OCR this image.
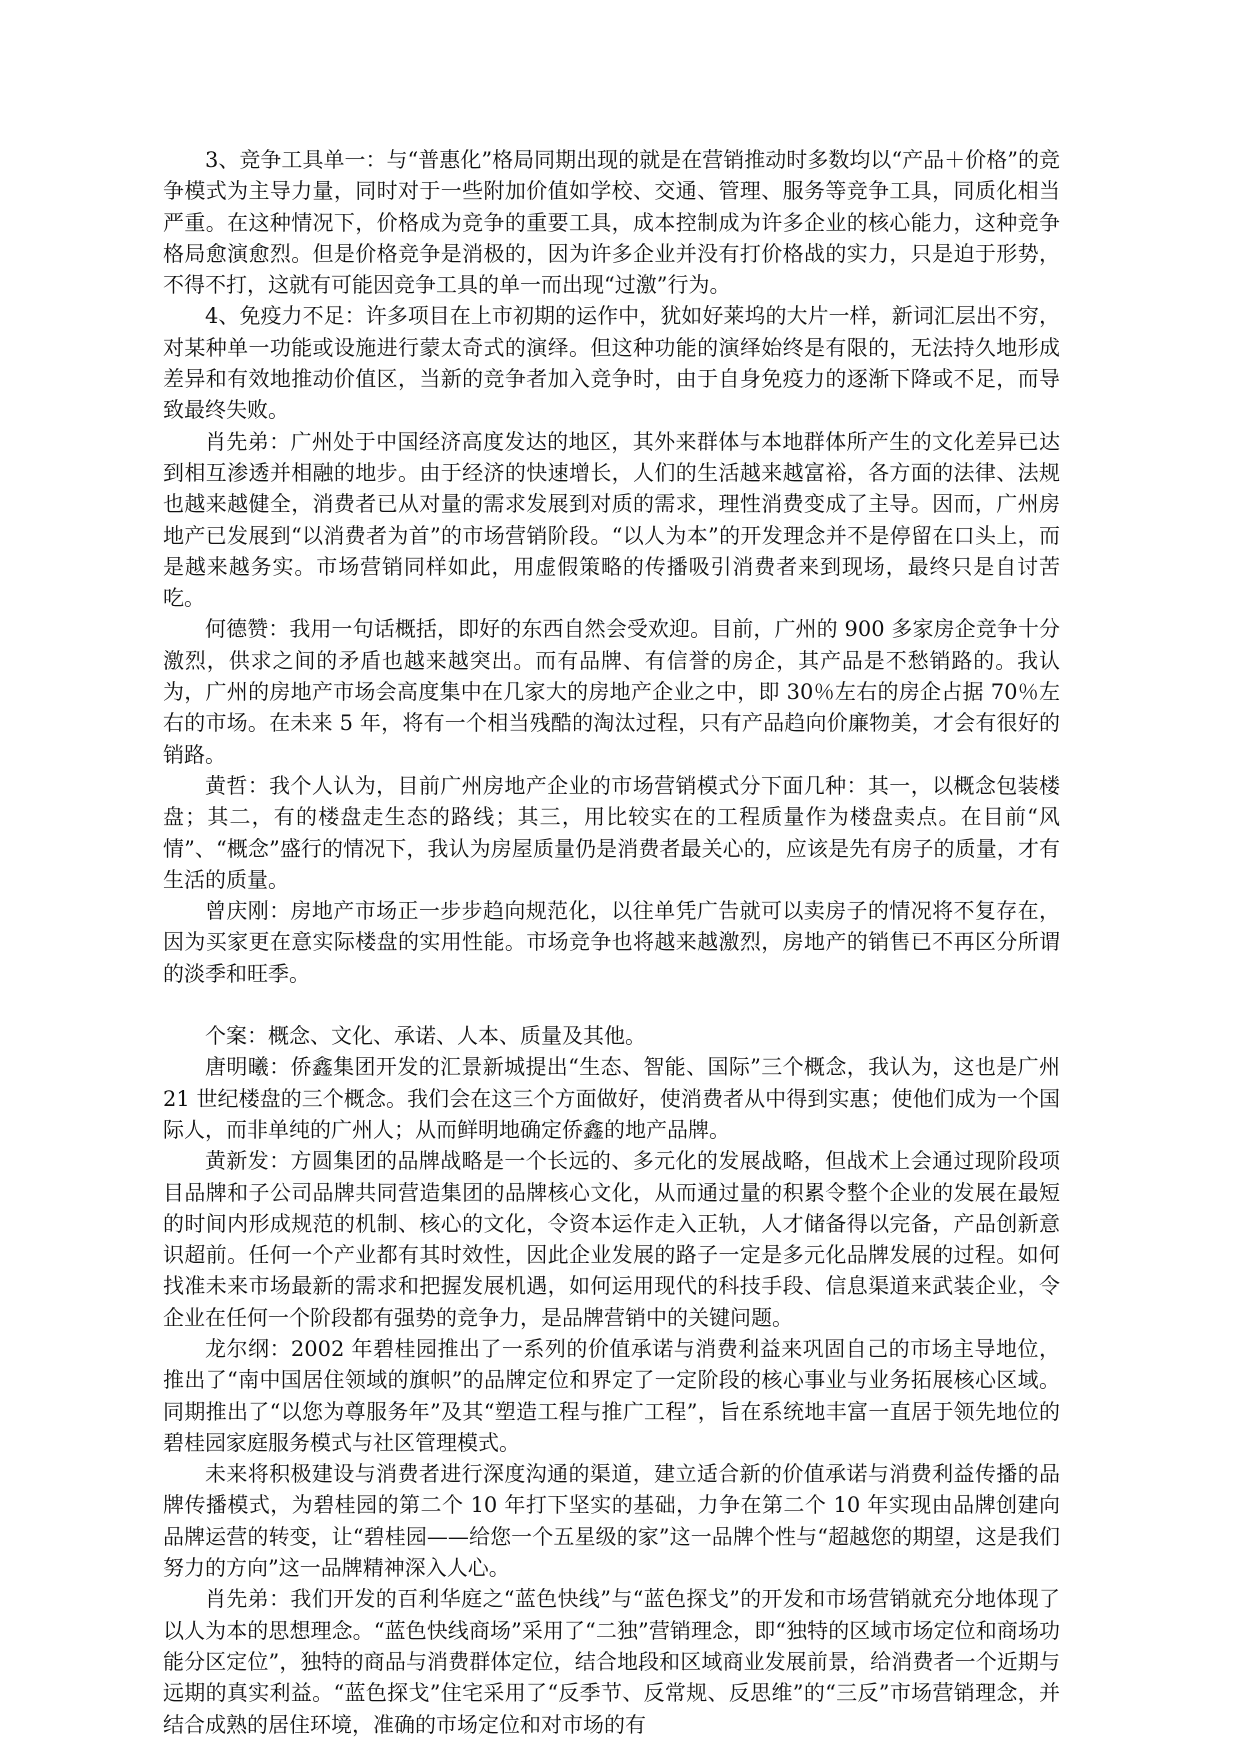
3、竞争工具单一：与“普惠化”格局同期出现的就是在营销推动时多数均以“产品＋价格”的竞争模式为主导力量，同时对于一些附加价值如学校、交通、管理、服务等竞争工具，同质化相当严重。在这种情况下，价格成为竞争的重要工具，成本控制成为许多企业的核心能力，这种竞争格局愈演愈烈。但是价格竞争是消极的，因为许多企业并没有打价格战的实力，只是迫于形势，不得不打，这就有可能因竞争工具的单一而出现“过激”行为。

4、免疫力不足：许多项目在上市初期的运作中，犹如好莱坞的大片一样，新词汇层出不穷，对某种单一功能或设施进行蒙太奇式的演绎。但这种功能的演绎始终是有限的，无法持久地形成差异和有效地推动价值区，当新的竞争者加入竞争时，由于自身免疫力的逐渐下降或不足，而导致最终失败。

肖先弟：广州处于中国经济高度发达的地区，其外来群体与本地群体所产生的文化差异已达到相互渗透并相融的地步。由于经济的快速增长，人们的生活越来越富裕，各方面的法律、法规也越来越健全，消费者已从对量的需求发展到对质的需求，理性消费变成了主导。因而，广州房地产已发展到“以消费者为首”的市场营销阶段。“以人为本”的开发理念并不是停留在口头上，而是越来越务实。市场营销同样如此，用虚假策略的传播吸引消费者来到现场，最终只是自讨苦吃。

何德赞：我用一句话概括，即好的东西自然会受欢迎。目前，广州的 900 多家房企竞争十分激烈，供求之间的矛盾也越来越突出。而有品牌、有信誉的房企，其产品是不愁销路的。我认为，广州的房地产市场会高度集中在几家大的房地产企业之中，即 30％左右的房企占据 70％左右的市场。在未来 5 年，将有一个相当残酷的淘汰过程，只有产品趋向价廉物美，才会有很好的销路。

黄哲：我个人认为，目前广州房地产企业的市场营销模式分下面几种：其一，以概念包装楼盘；其二，有的楼盘走生态的路线；其三，用比较实在的工程质量作为楼盘卖点。在目前“风情”、“概念”盛行的情况下，我认为房屋质量仍是消费者最关心的，应该是先有房子的质量，才有生活的质量。

曾庆刚：房地产市场正一步步趋向规范化，以往单凭广告就可以卖房子的情况将不复存在，因为买家更在意实际楼盘的实用性能。市场竞争也将越来越激烈，房地产的销售已不再区分所谓的淡季和旺季。

个案：概念、文化、承诺、人本、质量及其他。

唐明曦：侨鑫集团开发的汇景新城提出“生态、智能、国际”三个概念，我认为，这也是广州 21 世纪楼盘的三个概念。我们会在这三个方面做好，使消费者从中得到实惠；使他们成为一个国际人，而非单纯的广州人；从而鲜明地确定侨鑫的地产品牌。

黄新发：方圆集团的品牌战略是一个长远的、多元化的发展战略，但战术上会通过现阶段项目品牌和子公司品牌共同营造集团的品牌核心文化，从而通过量的积累令整个企业的发展在最短的时间内形成规范的机制、核心的文化，令资本运作走入正轨，人才储备得以完备，产品创新意识超前。任何一个产业都有其时效性，因此企业发展的路子一定是多元化品牌发展的过程。如何找准未来市场最新的需求和把握发展机遇，如何运用现代的科技手段、信息渠道来武装企业，令企业在任何一个阶段都有强势的竞争力，是品牌营销中的关键问题。

龙尔纲：2002 年碧桂园推出了一系列的价值承诺与消费利益来巩固自己的市场主导地位，推出了“南中国居住领域的旗帜”的品牌定位和界定了一定阶段的核心事业与业务拓展核心区域。同期推出了“以您为尊服务年”及其“塑造工程与推广工程”，旨在系统地丰富一直居于领先地位的碧桂园家庭服务模式与社区管理模式。

未来将积极建设与消费者进行深度沟通的渠道，建立适合新的价值承诺与消费利益传播的品牌传播模式，为碧桂园的第二个 10 年打下坚实的基础，力争在第二个 10 年实现由品牌创建向品牌运营的转变，让“碧桂园——给您一个五星级的家”这一品牌个性与“超越您的期望，这是我们努力的方向”这一品牌精神深入人心。

肖先弟：我们开发的百利华庭之“蓝色快线”与“蓝色探戈”的开发和市场营销就充分地体现了以人为本的思想理念。“蓝色快线商场”采用了“二独”营销理念，即“独特的区域市场定位和商场功能分区定位”，独特的商品与消费群体定位，结合地段和区域商业发展前景，给消费者一个近期与远期的真实利益。“蓝色探戈”住宅采用了“反季节、反常规、反思维”的“三反”市场营销理念，并结合成熟的居住环境，准确的市场定位和对市场的有
